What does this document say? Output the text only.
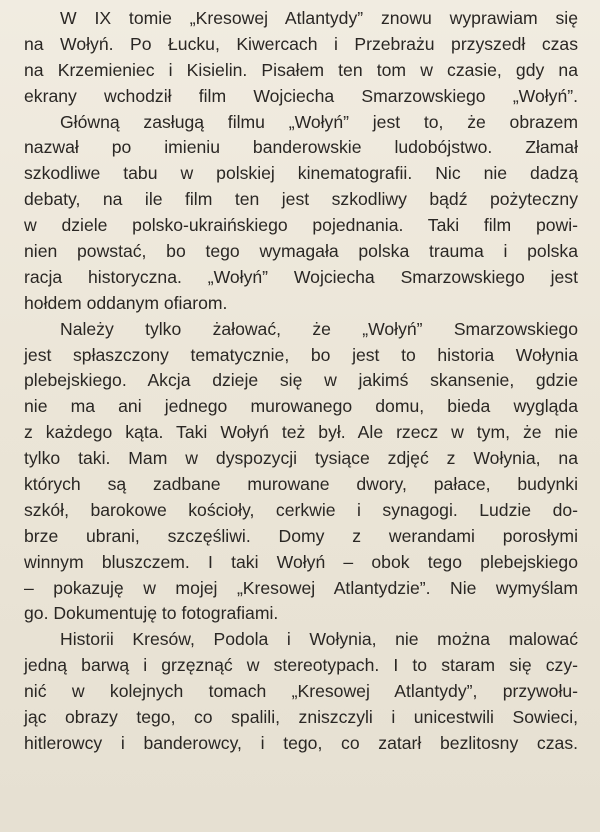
W IX tomie „Kresowej Atlantydy” znowu wyprawiam się
na Wołyń. Po Łucku, Kiwercach i Przebrażu przyszedł czas
na Krzemieniec i Kisielin. Pisałem ten tom w czasie, gdy na
ekrany wchodził film Wojciecha Smarzowskiego „Wołyń”.
Główną zasługą filmu „Wołyń” jest to, że obrazem
nazwał po imieniu banderowskie ludobójstwo. Złamał
szkodliwe tabu w polskiej kinematografii. Nic nie dadzą
debaty, na ile film ten jest szkodliwy bądź pożyteczny
w dziele polsko-ukraińskiego pojednania. Taki film powi-
nien powstać, bo tego wymagała polska trauma i polska
racja historyczna. „Wołyń” Wojciecha Smarzowskiego jest
hołdem oddanym ofiarom.
Należy tylko żałować, że „Wołyń” Smarzowskiego
jest spłaszczony tematycznie, bo jest to historia Wołynia
plebejskiego. Akcja dzieje się w jakimś skansenie, gdzie
nie ma ani jednego murowanego domu, bieda wygląda
z każdego kąta. Taki Wołyń też był. Ale rzecz w tym, że nie
tylko taki. Mam w dyspozycji tysiące zdjęć z Wołynia, na
których są zadbane murowane dwory, pałace, budynki
szkół, barokowe kościoły, cerkwie i synagogi. Ludzie do-
brze ubrani, szczęśliwi. Domy z werandami porosłymi
winnym bluszczem. I taki Wołyń – obok tego plebejskiego
– pokazuję w mojej „Kresowej Atlantydzie”. Nie wymyślam
go. Dokumentuję to fotografiami.
Historii Kresów, Podola i Wołynia, nie można malować
jedną barwą i grzęznąć w stereotypach. I to staram się czy-
nić w kolejnych tomach „Kresowej Atlantydy”, przywołu-
jąc obrazy tego, co spalili, zniszczyli i unicestwili Sowieci,
hitlerowcy i banderowcy, i tego, co zatarł bezlitosny czas.
